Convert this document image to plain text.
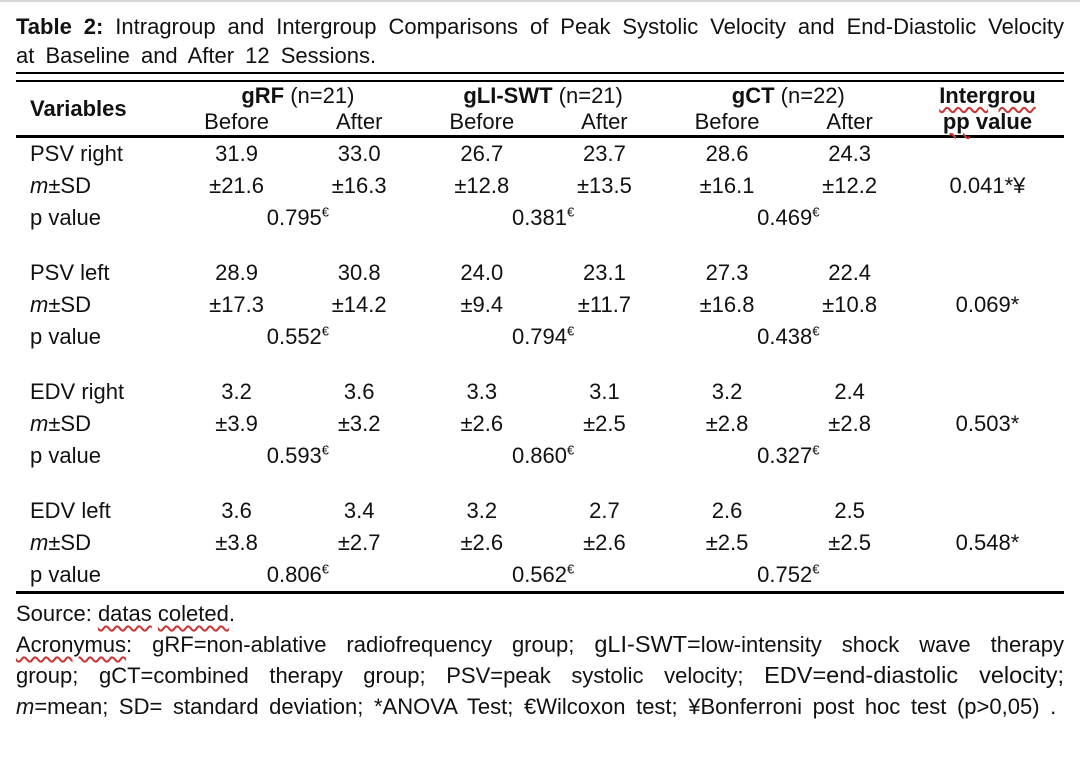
Table 2: Intragroup and Intergroup Comparisons of Peak Systolic Velocity and End-Diastolic Velocity at Baseline and After 12 Sessions.

Variables	gRF (n=21)		gLI-SWT (n=21)		gCT (n=22)		Intergrou
pp value
	Before	After	Before	After	Before	After	
PSV right	31.9	33.0	26.7	23.7	28.6	24.3	
m±SD	±21.6	±16.3	±12.8	±13.5	±16.1	±12.2	0.041*¥
p value	0.795€		0.381€		0.469€	

PSV left	28.9	30.8	24.0	23.1	27.3	22.4	
m±SD	±17.3	±14.2	±9.4	±11.7	±16.8	±10.8	0.069*
p value	0.552€		0.794€		0.438€	

EDV right	3.2	3.6	3.3	3.1	3.2	2.4	
m±SD	±3.9	±3.2	±2.6	±2.5	±2.8	±2.8	0.503*
p value	0.593€		0.860€		0.327€	

EDV left	3.6	3.4	3.2	2.7	2.6	2.5	
m±SD	±3.8	±2.7	±2.6	±2.6	±2.5	±2.5	0.548*
p value	0.806€		0.562€		0.752€	

Source: datas coleted.

Acronymus: gRF=non-ablative radiofrequency group; gLI-SWT=low-intensity shock wave therapy group; gCT=combined therapy group; PSV=peak systolic velocity; EDV=end-diastolic velocity; m=mean; SD= standard deviation; *ANOVA Test; €Wilcoxon test; ¥Bonferroni post hoc test (p>0,05) .
